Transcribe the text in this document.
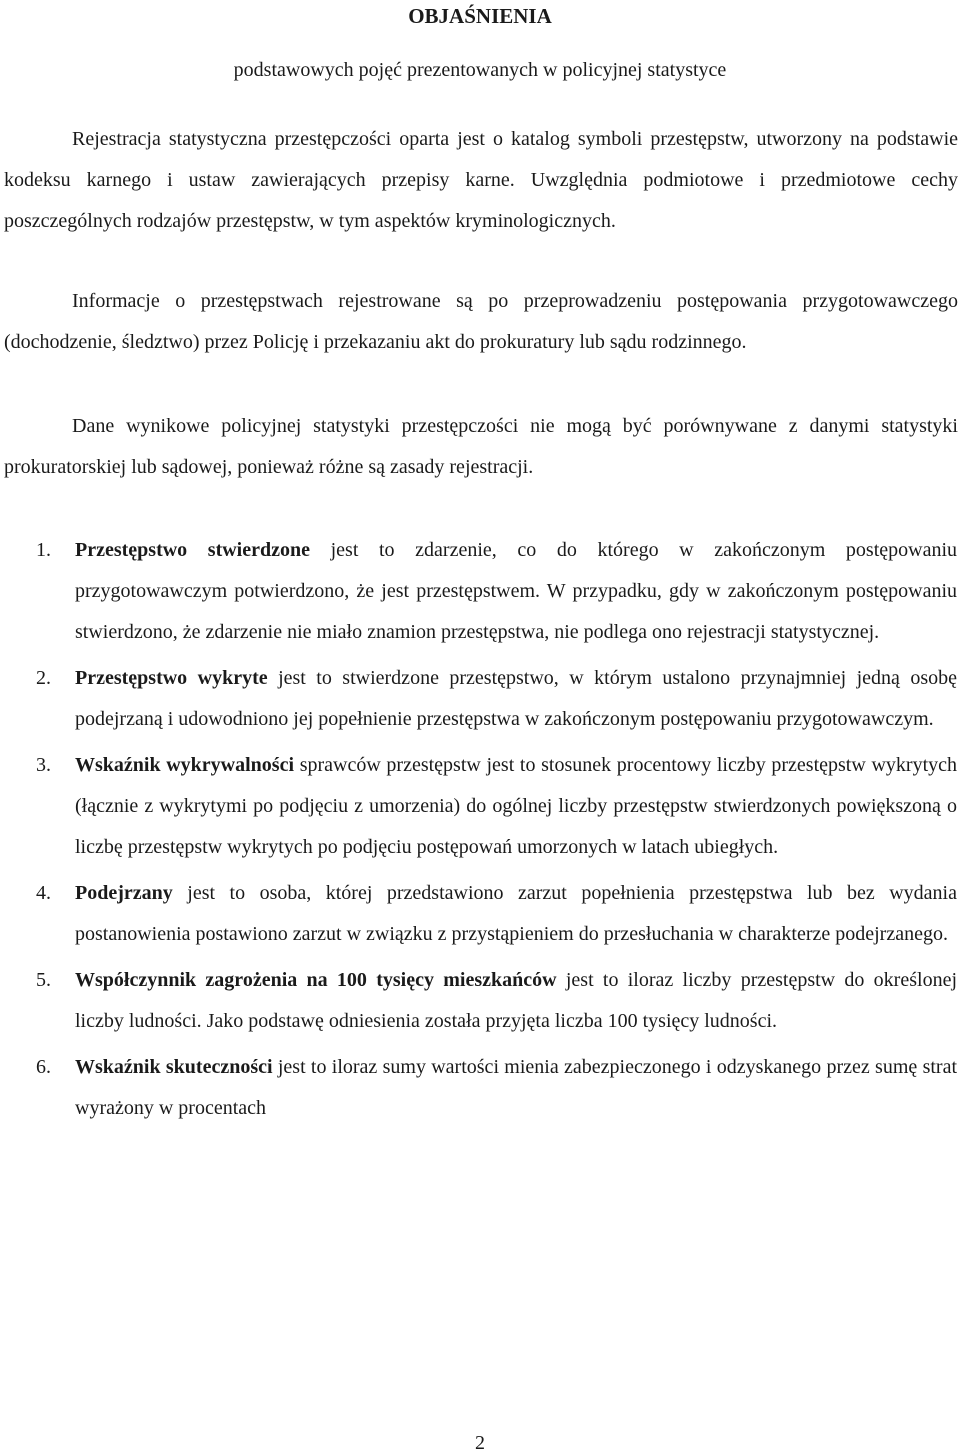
OBJAŚNIENIA
podstawowych pojęć prezentowanych w policyjnej statystyce

Rejestracja statystyczna przestępczości oparta jest o katalog symboli przestępstw, utworzony na podstawie kodeksu karnego i ustaw zawierających przepisy karne. Uwzględnia podmiotowe i przedmiotowe cechy poszczególnych rodzajów przestępstw, w tym aspektów kryminologicznych.

Informacje o przestępstwach rejestrowane są po przeprowadzeniu postępowania przygotowawczego (dochodzenie, śledztwo) przez Policję i przekazaniu akt do prokuratury lub sądu rodzinnego.

Dane wynikowe policyjnej statystyki przestępczości nie mogą być porównywane z danymi statystyki prokuratorskiej lub sądowej, ponieważ różne są zasady rejestracji.

1. Przestępstwo stwierdzone jest to zdarzenie, co do którego w zakończonym postępowaniu przygotowawczym potwierdzono, że jest przestępstwem. W przypadku, gdy w zakończonym postępowaniu stwierdzono, że zdarzenie nie miało znamion przestępstwa, nie podlega ono rejestracji statystycznej.
2. Przestępstwo wykryte jest to stwierdzone przestępstwo, w którym ustalono przynajmniej jedną osobę podejrzaną i udowodniono jej popełnienie przestępstwa w zakończonym postępowaniu przygotowawczym.
3. Wskaźnik wykrywalności sprawców przestępstw jest to stosunek procentowy liczby przestępstw wykrytych (łącznie z wykrytymi po podjęciu z umorzenia) do ogólnej liczby przestępstw stwierdzonych powiększoną o liczbę przestępstw wykrytych po podjęciu postępowań umorzonych w latach ubiegłych.
4. Podejrzany jest to osoba, której przedstawiono zarzut popełnienia przestępstwa lub bez wydania postanowienia postawiono zarzut w związku z przystąpieniem do przesłuchania w charakterze podejrzanego.
5. Współczynnik zagrożenia na 100 tysięcy mieszkańców jest to iloraz liczby przestępstw do określonej liczby ludności. Jako podstawę odniesienia została przyjęta liczba 100 tysięcy ludności.
6. Wskaźnik skuteczności jest to iloraz sumy wartości mienia zabezpieczonego i odzyskanego przez sumę strat wyrażony w procentach
2
